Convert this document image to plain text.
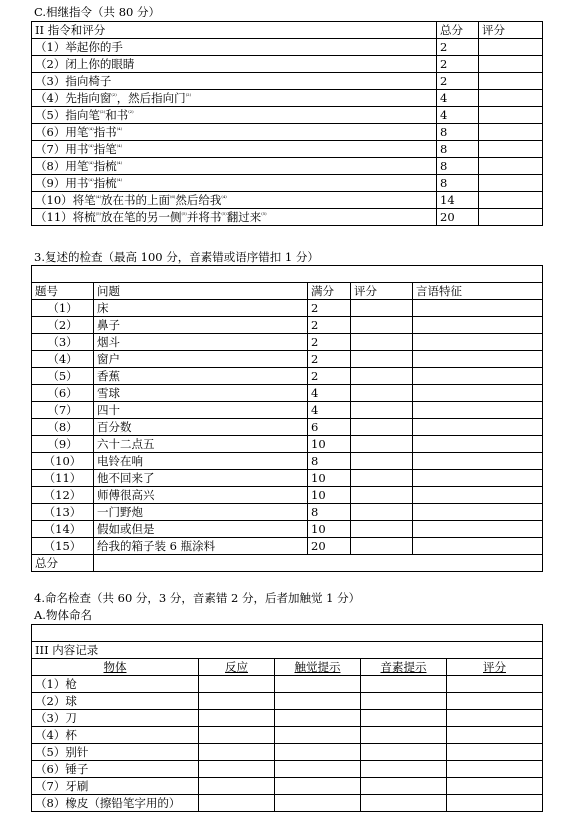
C.相继指令（共 80 分）
II 指令和评分	总分	评分
（1）举起你的手	2	
（2）闭上你的眼睛	2	
（3）指向椅子	2	
（4）先指向窗$^{^{(2)}}$，然后指向门$^{^{(2)}}$	4	
（5）指向笔$^{^{(2)}}$和书$^{^{(2)}}$	4	
（6）用笔$^{^{(4)}}$指书$^{^{(4)}}$	8	
（7）用书$^{^{(4)}}$指笔$^{^{(4)}}$	8	
（8）用笔$^{^{(4)}}$指梳$^{^{(4)}}$	8	
（9）用书$^{^{(4)}}$指梳$^{^{(4)}}$	8	
（10）将笔$^{^{(4)}}$放在书的上面$^{^{(6)}}$然后给我$^{^{(4)}}$	14	
（11）将梳$^{^{(5)}}$放在笔的另一侧$^{^{(5)}}$并将书$^{^{(5)}}$翻过来$^{^{(5)}}$	20	
3.复述的检查（最高 100 分，音素错或语序错扣 1 分）

题号	问题	满分	评分	言语特征
（1）	床	2		
（2）	鼻子	2		
（3）	烟斗	2		
（4）	窗户	2		
（5）	香蕉	2		
（6）	雪球	4		
（7）	四十	4		
（8）	百分数	6		
（9）	六十二点五	10		
（10）	电铃在响	8		
（11）	他不回来了	10		
（12）	师傅很高兴	10		
（13）	一门野炮	8		
（14）	假如或但是	10		
（15）	给我的箱子装 6 瓶涂料	20		
总分				
4.命名检查（共 60 分，3 分，音素错 2 分，后者加触觉 1 分）
A.物体命名

III 内容记录				
物体	反应	触觉提示	音素提示	评分
（1）枪				
（2）球				
（3）刀				
（4）杯				
（5）别针				
（6）锤子				
（7）牙刷				
（8）橡皮（擦铅笔字用的）				
